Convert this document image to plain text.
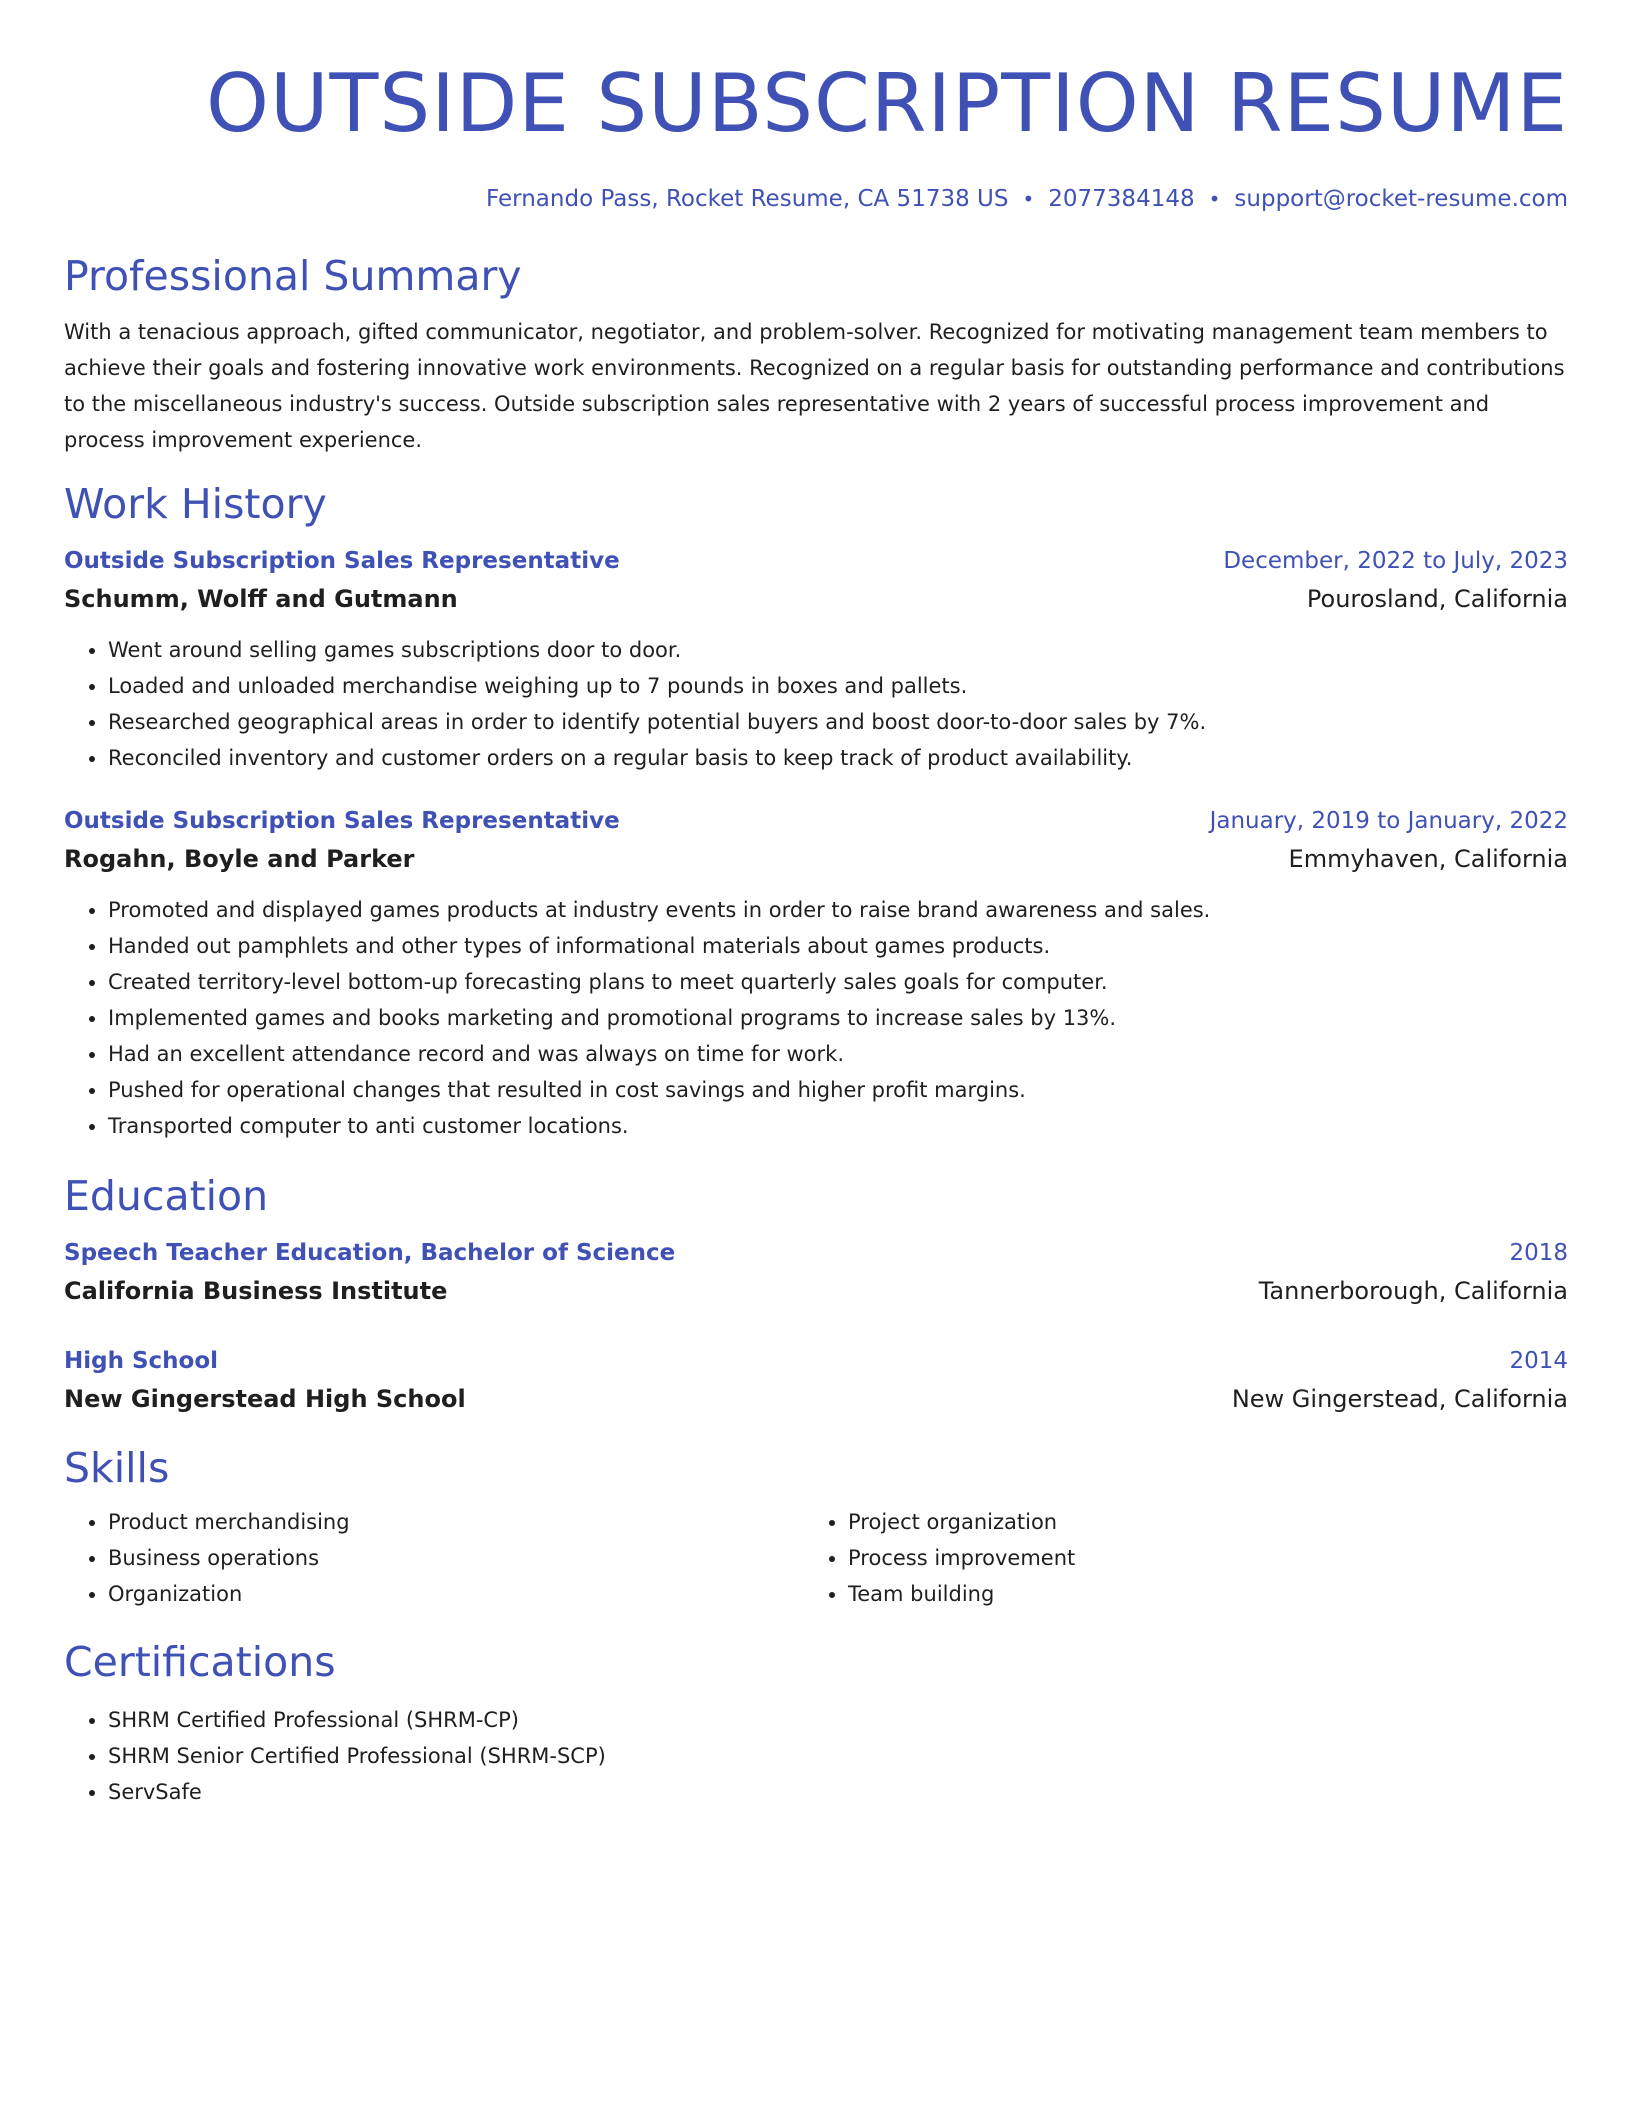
OUTSIDE SUBSCRIPTION RESUME
Fernando Pass, Rocket Resume, CA 51738 US • 2077384148 • support@rocket-resume.com
Professional Summary
With a tenacious approach, gifted communicator, negotiator, and problem-solver. Recognized for motivating management team members to achieve their goals and fostering innovative work environments. Recognized on a regular basis for outstanding performance and contributions to the miscellaneous industry's success. Outside subscription sales representative with 2 years of successful process improvement and process improvement experience.
Work History
Outside Subscription Sales Representative	December, 2022 to July, 2023
Schumm, Wolff and Gutmann	Pourosland, California
• Went around selling games subscriptions door to door.
• Loaded and unloaded merchandise weighing up to 7 pounds in boxes and pallets.
• Researched geographical areas in order to identify potential buyers and boost door-to-door sales by 7%.
• Reconciled inventory and customer orders on a regular basis to keep track of product availability.
Outside Subscription Sales Representative	January, 2019 to January, 2022
Rogahn, Boyle and Parker	Emmyhaven, California
• Promoted and displayed games products at industry events in order to raise brand awareness and sales.
• Handed out pamphlets and other types of informational materials about games products.
• Created territory-level bottom-up forecasting plans to meet quarterly sales goals for computer.
• Implemented games and books marketing and promotional programs to increase sales by 13%.
• Had an excellent attendance record and was always on time for work.
• Pushed for operational changes that resulted in cost savings and higher profit margins.
• Transported computer to anti customer locations.
Education
Speech Teacher Education, Bachelor of Science	2018
California Business Institute	Tannerborough, California
High School	2014
New Gingerstead High School	New Gingerstead, California
Skills
• Product merchandising
• Business operations
• Organization
• Project organization
• Process improvement
• Team building
Certifications
• SHRM Certified Professional (SHRM-CP)
• SHRM Senior Certified Professional (SHRM-SCP)
• ServSafe
